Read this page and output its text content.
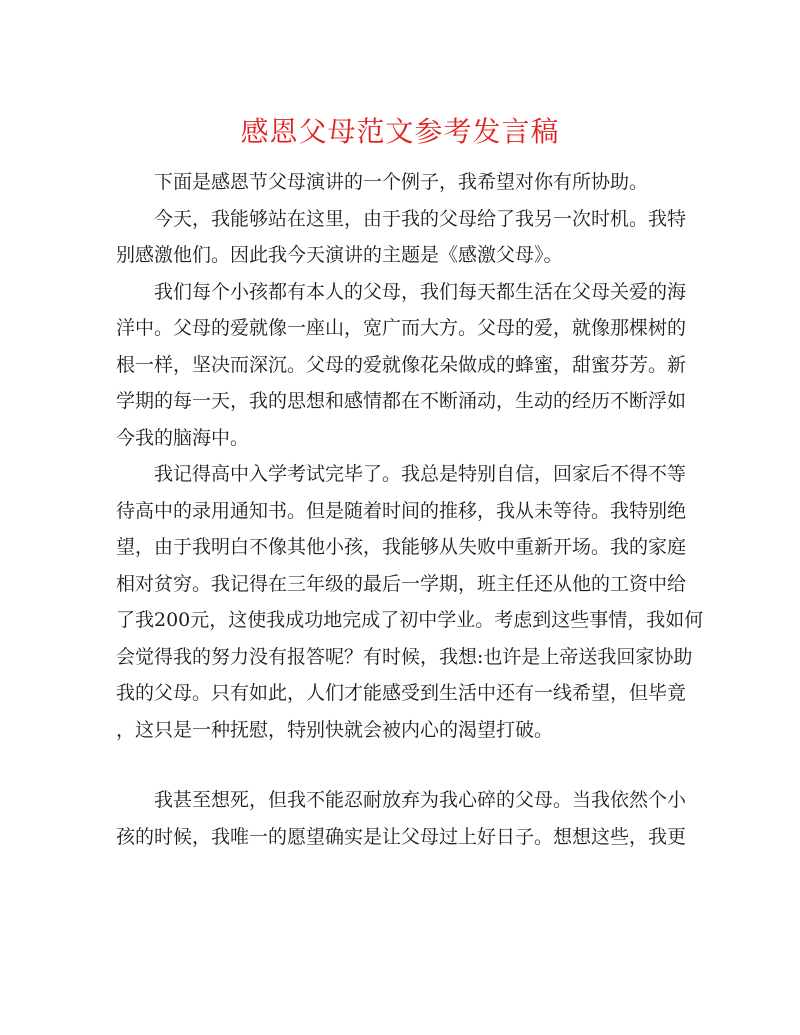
感恩父母范文参考发言稿

下面是感恩节父母演讲的一个例子，我希望对你有所协助。

今天，我能够站在这里，由于我的父母给了我另一次时机。我特
别感激他们。因此我今天演讲的主题是《感激父母》。

我们每个小孩都有本人的父母，我们每天都生活在父母关爱的海
洋中。父母的爱就像一座山，宽广而大方。父母的爱，就像那棵树的
根一样，坚决而深沉。父母的爱就像花朵做成的蜂蜜，甜蜜芬芳。新
学期的每一天，我的思想和感情都在不断涌动，生动的经历不断浮如
今我的脑海中。

我记得高中入学考试完毕了。我总是特别自信，回家后不得不等
待高中的录用通知书。但是随着时间的推移，我从未等待。我特别绝
望，由于我明白不像其他小孩，我能够从失败中重新开场。我的家庭
相对贫穷。我记得在三年级的最后一学期，班主任还从他的工资中给
了我200元，这使我成功地完成了初中学业。考虑到这些事情，我如何
会觉得我的努力没有报答呢？有时候，我想:也许是上帝送我回家协助
我的父母。只有如此，人们才能感受到生活中还有一线希望，但毕竟
，这只是一种抚慰，特别快就会被内心的渴望打破。

我甚至想死，但我不能忍耐放弃为我心碎的父母。当我依然个小
孩的时候，我唯一的愿望确实是让父母过上好日子。想想这些，我更
